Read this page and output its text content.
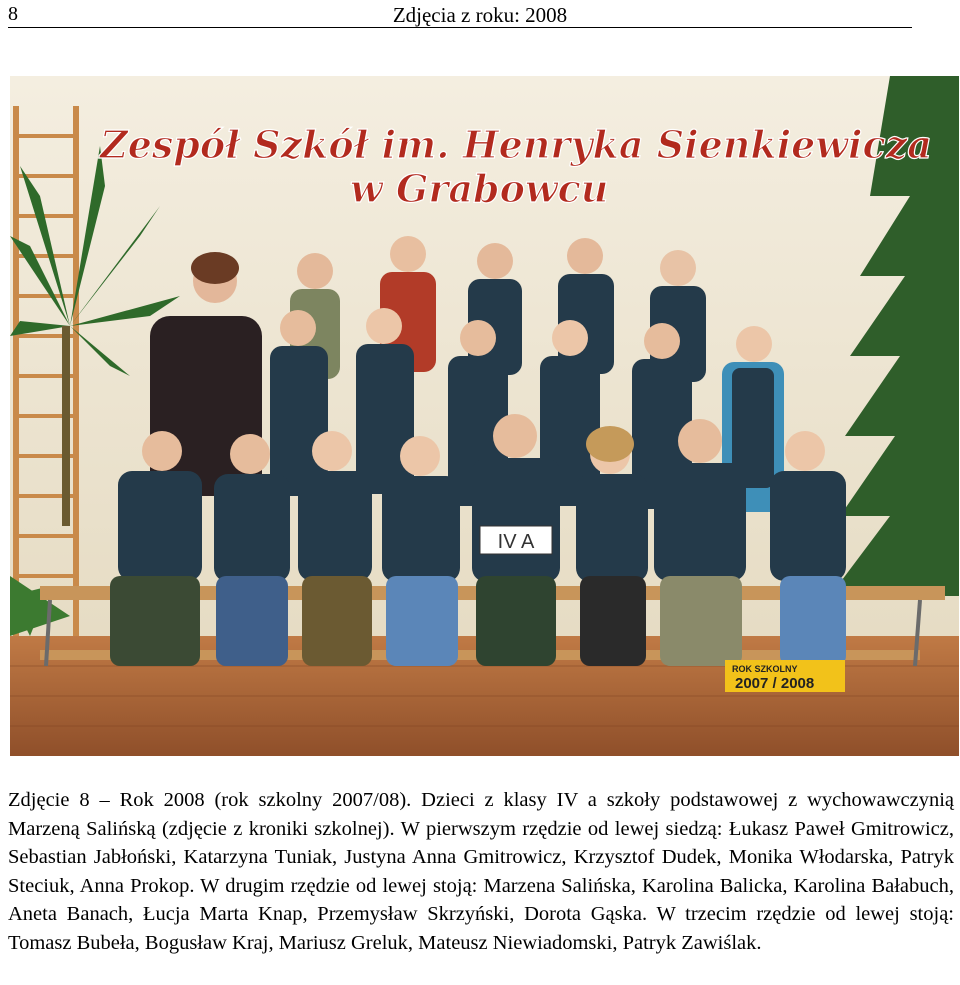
8	Zdjęcia z roku: 2008
Zespół Szkół im. Henryka Sienkiewicza
w Grabowcu
IV A
ROK SZKOLNY
2007 / 2008
Zdjęcie 8 – Rok 2008 (rok szkolny 2007/08). Dzieci z klasy IV a szkoły podstawowej z wychowawczynią Marzeną Salińską (zdjęcie z kroniki szkolnej). W pierwszym rzędzie od lewej siedzą: Łukasz Paweł Gmitrowicz, Sebastian Jabłoński, Katarzyna Tuniak, Justyna Anna Gmitrowicz, Krzysztof Dudek, Monika Włodarska, Patryk Steciuk, Anna Prokop. W drugim rzędzie od lewej stoją: Marzena Salińska, Karolina Balicka, Karolina Bałabuch, Aneta Banach, Łucja Marta Knap, Przemysław Skrzyński, Dorota Gąska. W trzecim rzędzie od lewej stoją: Tomasz Bubeła, Bogusław Kraj, Mariusz Greluk, Mateusz Niewiadomski, Patryk Zawiślak.
